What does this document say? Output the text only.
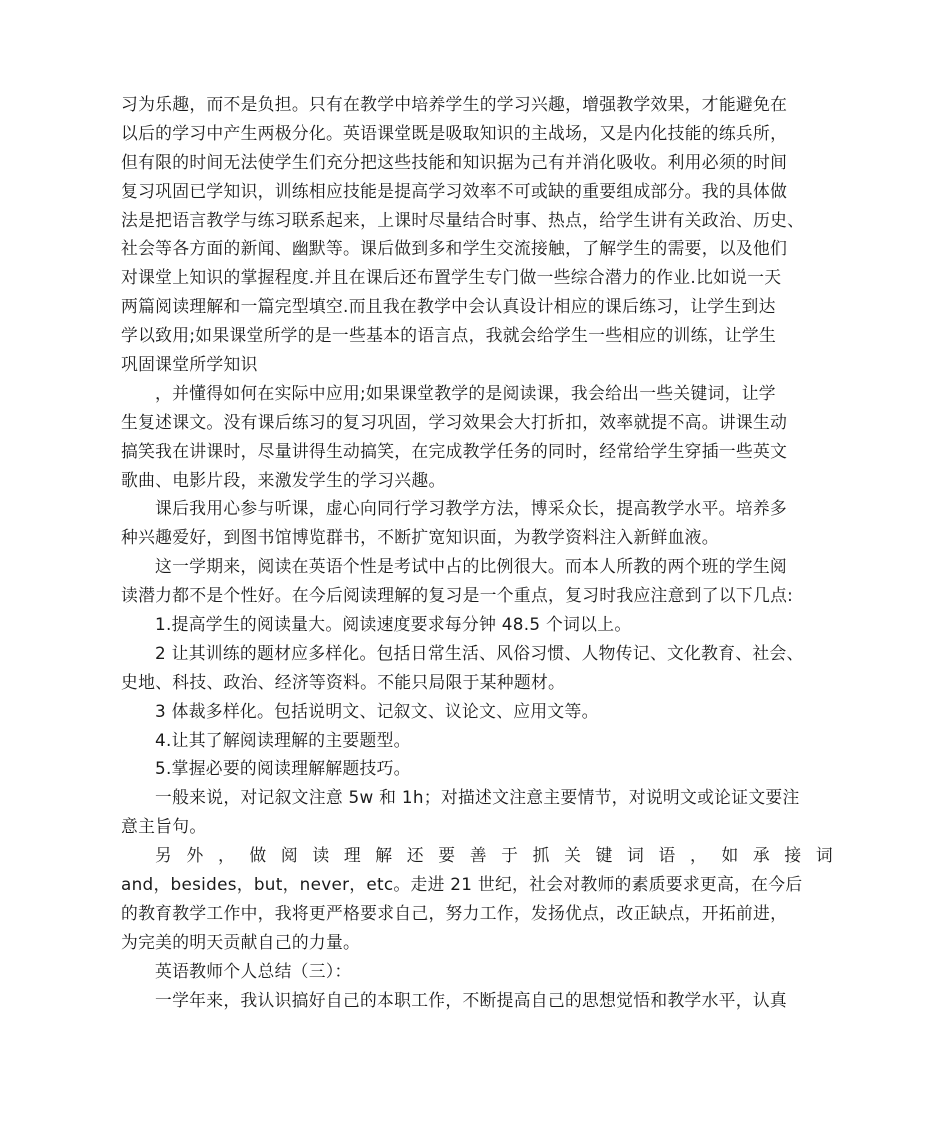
习为乐趣，而不是负担。只有在教学中培养学生的学习兴趣，增强教学效果，才能避免在
以后的学习中产生两极分化。英语课堂既是吸取知识的主战场，又是内化技能的练兵所，
但有限的时间无法使学生们充分把这些技能和知识据为己有并消化吸收。利用必须的时间
复习巩固已学知识，训练相应技能是提高学习效率不可或缺的重要组成部分。我的具体做
法是把语言教学与练习联系起来，上课时尽量结合时事、热点，给学生讲有关政治、历史、
社会等各方面的新闻、幽默等。课后做到多和学生交流接触，了解学生的需要，以及他们
对课堂上知识的掌握程度.并且在课后还布置学生专门做一些综合潜力的作业.比如说一天
两篇阅读理解和一篇完型填空.而且我在教学中会认真设计相应的课后练习，让学生到达
学以致用;如果课堂所学的是一些基本的语言点，我就会给学生一些相应的训练，让学生
巩固课堂所学知识
，并懂得如何在实际中应用;如果课堂教学的是阅读课，我会给出一些关键词，让学
生复述课文。没有课后练习的复习巩固，学习效果会大打折扣，效率就提不高。讲课生动
搞笑我在讲课时，尽量讲得生动搞笑，在完成教学任务的同时，经常给学生穿插一些英文
歌曲、电影片段，来激发学生的学习兴趣。
课后我用心参与听课，虚心向同行学习教学方法，博采众长，提高教学水平。培养多
种兴趣爱好，到图书馆博览群书，不断扩宽知识面，为教学资料注入新鲜血液。
这一学期来，阅读在英语个性是考试中占的比例很大。而本人所教的两个班的学生阅
读潜力都不是个性好。在今后阅读理解的复习是一个重点，复习时我应注意到了以下几点:
1.提高学生的阅读量大。阅读速度要求每分钟 48.5 个词以上。
2 让其训练的题材应多样化。包括日常生活、风俗习惯、人物传记、文化教育、社会、
史地、科技、政治、经济等资料。不能只局限于某种题材。
3 体裁多样化。包括说明文、记叙文、议论文、应用文等。
4.让其了解阅读理解的主要题型。
5.掌握必要的阅读理解解题技巧。
一般来说，对记叙文注意 5w 和 1h；对描述文注意主要情节，对说明文或论证文要注
意主旨句。
另 外 ， 做 阅 读 理 解 还 要 善 于 抓 关 键 词 语 ， 如 承 接 词
and，besides，but，never，etc。走进 21 世纪，社会对教师的素质要求更高，在今后
的教育教学工作中，我将更严格要求自己，努力工作，发扬优点，改正缺点，开拓前进，
为完美的明天贡献自己的力量。
英语教师个人总结（三）：
一学年来，我认识搞好自己的本职工作，不断提高自己的思想觉悟和教学水平，认真
